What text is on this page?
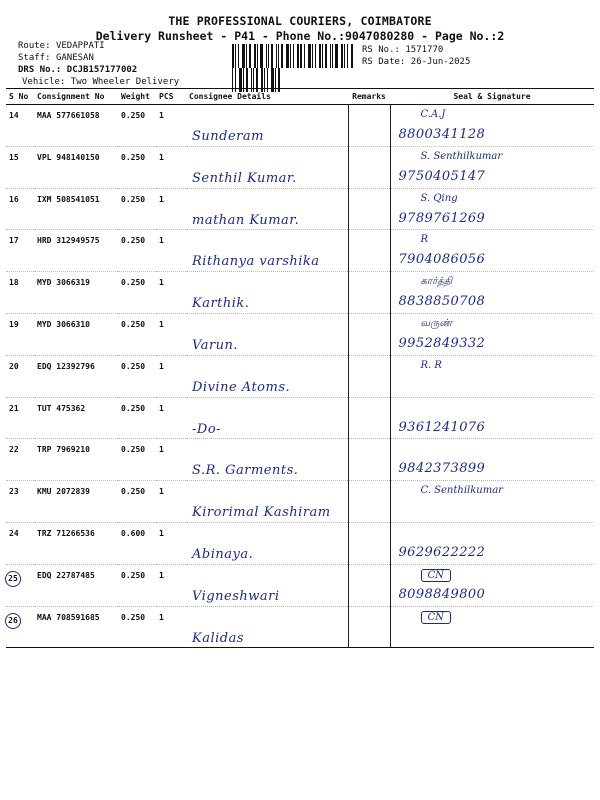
THE PROFESSIONAL COURIERS, COIMBATORE
Delivery Runsheet - P41 - Phone No.:9047080280 - Page No.:2
Route: VEDAPPATI
Staff: GANESAN
DRS No.: DCJB157177002
Vehicle: Two Wheeler Delivery
RS No.: 1571770
RS Date: 26-Jun-2025
S No	Consignment No	Weight	PCS	Consignee Details	Remarks	Seal & Signature
14	MAA 577661058	0.250	1	Sunderam		C.A.J
8800341128

15	VPL 948140150	0.250	1	Senthil Kumar.		S. Senthilkumar
9750405147

16	IXM 508541051	0.250	1	mathan Kumar.		S. Qing
9789761269

17	HRD 312949575	0.250	1	Rithanya varshika		R
7904086056

18	MYD 3066319	0.250	1	Karthik.		கார்த்தி
8838850708

19	MYD 3066310	0.250	1	Varun.		வருண்
9952849332

20	EDQ 12392796	0.250	1	Divine Atoms.		R. R

21	TUT 475362	0.250	1	-Do-		9361241076

22	TRP 7969210	0.250	1	S.R. Garments.		9842373899

23	KMU 2072839	0.250	1	Kirorimal Kashiram		C. Senthilkumar

24	TRZ 71266536	0.600	1	Abinaya.		9629622222

25	EDQ 22787485	0.250	1	Vigneshwari		CN
8098849800

26	MAA 708591685	0.250	1	Kalidas		CN
